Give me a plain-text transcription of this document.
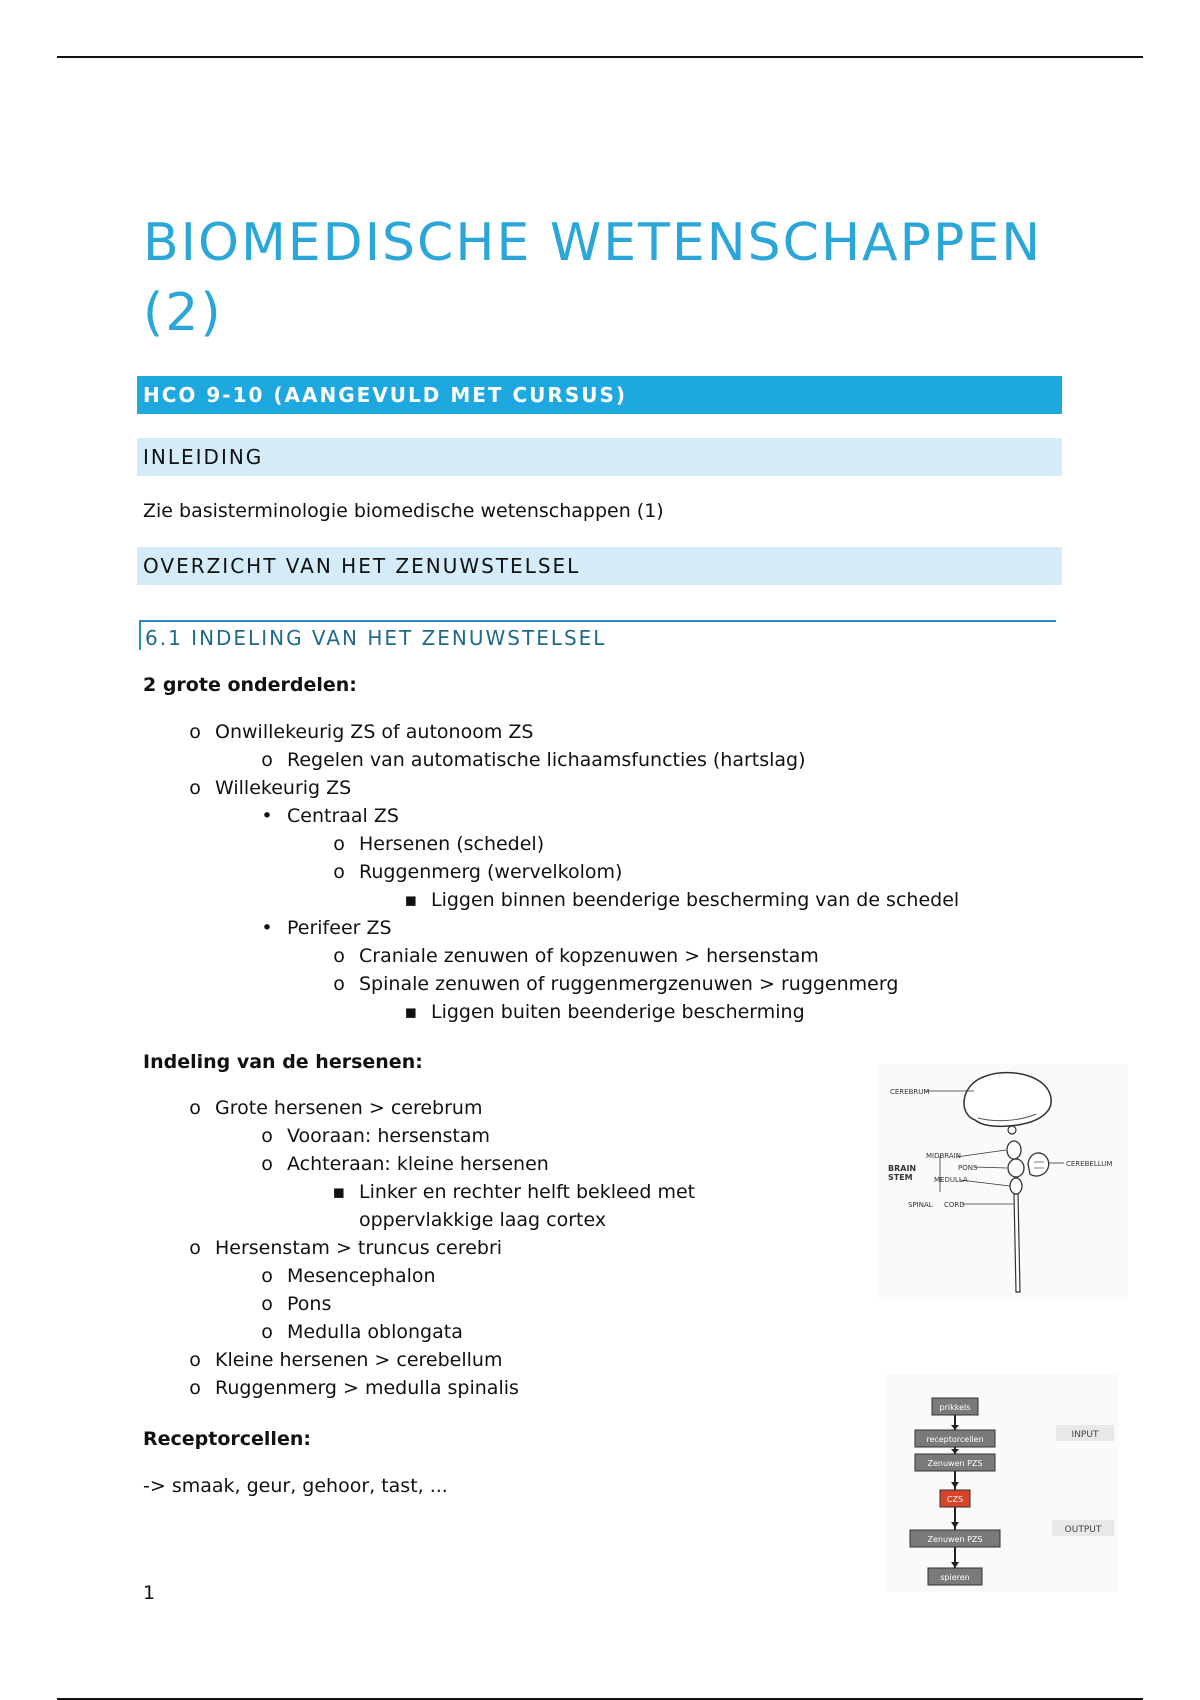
BIOMEDISCHE WETENSCHAPPEN (2)
HCO 9-10 (AANGEVULD MET CURSUS)
INLEIDING

Zie basisterminologie biomedische wetenschappen (1)

OVERZICHT VAN HET ZENUWSTELSEL
6.1 INDELING VAN HET ZENUWSTELSEL

2 grote onderdelen:

o Onwillekeurig ZS of autonoom ZS
o Regelen van automatische lichaamsfuncties (hartslag)
o Willekeurig ZS
• Centraal ZS
o Hersenen (schedel)
o Ruggenmerg (wervelkolom)
▪ Liggen binnen beenderige bescherming van de schedel
• Perifeer ZS
o Craniale zenuwen of kopzenuwen > hersenstam
o Spinale zenuwen of ruggenmergzenuwen > ruggenmerg
▪ Liggen buiten beenderige bescherming

Indeling van de hersenen:

o Grote hersenen > cerebrum
o Vooraan: hersenstam
o Achteraan: kleine hersenen
▪ Linker en rechter helft bekleed met oppervlakkige laag cortex
o Hersenstam > truncus cerebri
o Mesencephalon
o Pons
o Medulla oblongata
o Kleine hersenen > cerebellum
o Ruggenmerg > medulla spinalis

Receptorcellen:

-> smaak, geur, gehoor, tast, ...

CEREBRUM
MIDBRAIN
PONS
MEDULLA
BRAIN
STEM
CEREBELLUM
SPINAL CORD
prikkels
receptorcellen
Zenuwen PZS
CZS
Zenuwen PZS
spieren
INPUT
OUTPUT
1
